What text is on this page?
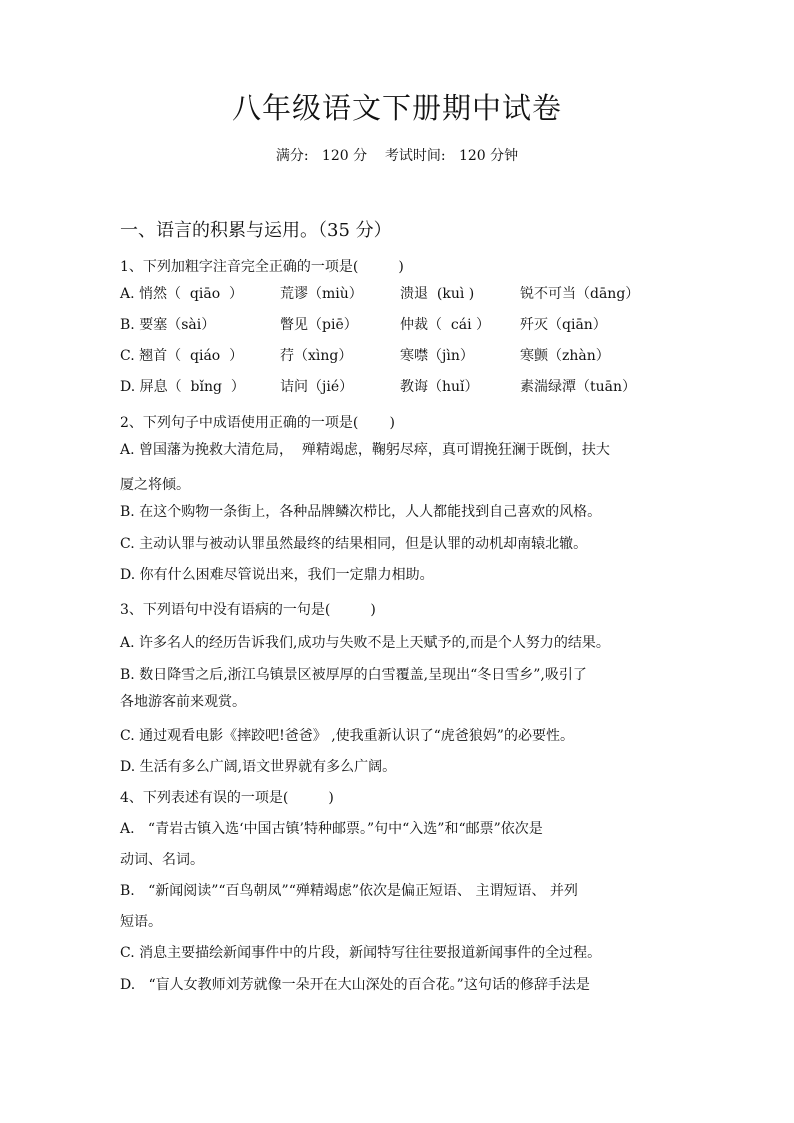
八年级语文下册期中试卷
满分:   120 分    考试时间:   120 分钟
一、语言的积累与运用。（35 分）
1、下列加粗字注音完全正确的一项是(         )
A. 悄然（  qiāo  ）	荒谬（miù）	溃退  (kuì )	锐不可当（dāng）
B. 要塞（sài）	瞥见（piē）	仲裁（  cái ） 歼灭（qiān）
C. 翘首（  qiáo  ）	荇（xìng）	寒噤（jìn）	寒颤（zhàn）
D. 屏息（  bǐng  ）	诘问（jié）	教诲（huǐ）	素湍绿潭（tuān）
2、下列句子中成语使用正确的一项是(       )
A. 曾国藩为挽救大清危局，  殚精竭虑，鞠躬尽瘁，真可谓挽狂澜于既倒，扶大
厦之将倾。
B. 在这个购物一条街上，各种品牌鳞次栉比，人人都能找到自己喜欢的风格。
C. 主动认罪与被动认罪虽然最终的结果相同，但是认罪的动机却南辕北辙。
D. 你有什么困难尽管说出来，我们一定鼎力相助。
3、下列语句中没有语病的一句是(         )
A. 许多名人的经历告诉我们,成功与失败不是上天赋予的,而是个人努力的结果。
B. 数日降雪之后,浙江乌镇景区被厚厚的白雪覆盖,呈现出“冬日雪乡”,吸引了
各地游客前来观赏。
C. 通过观看电影《摔跤吧!爸爸》 ,使我重新认识了“虎爸狼妈”的必要性。
D. 生活有多么广阔,语文世界就有多么广阔。
4、下列表述有误的一项是(         )
A.   “青岩古镇入选‘中国古镇’特种邮票。”句中“入选”和“邮票”依次是
动词、名词。
B.   “新闻阅读”“百鸟朝凤”“殚精竭虑”依次是偏正短语、 主谓短语、 并列
短语。
C. 消息主要描绘新闻事件中的片段，新闻特写往往要报道新闻事件的全过程。
D.   “盲人女教师刘芳就像一朵开在大山深处的百合花。”这句话的修辞手法是
